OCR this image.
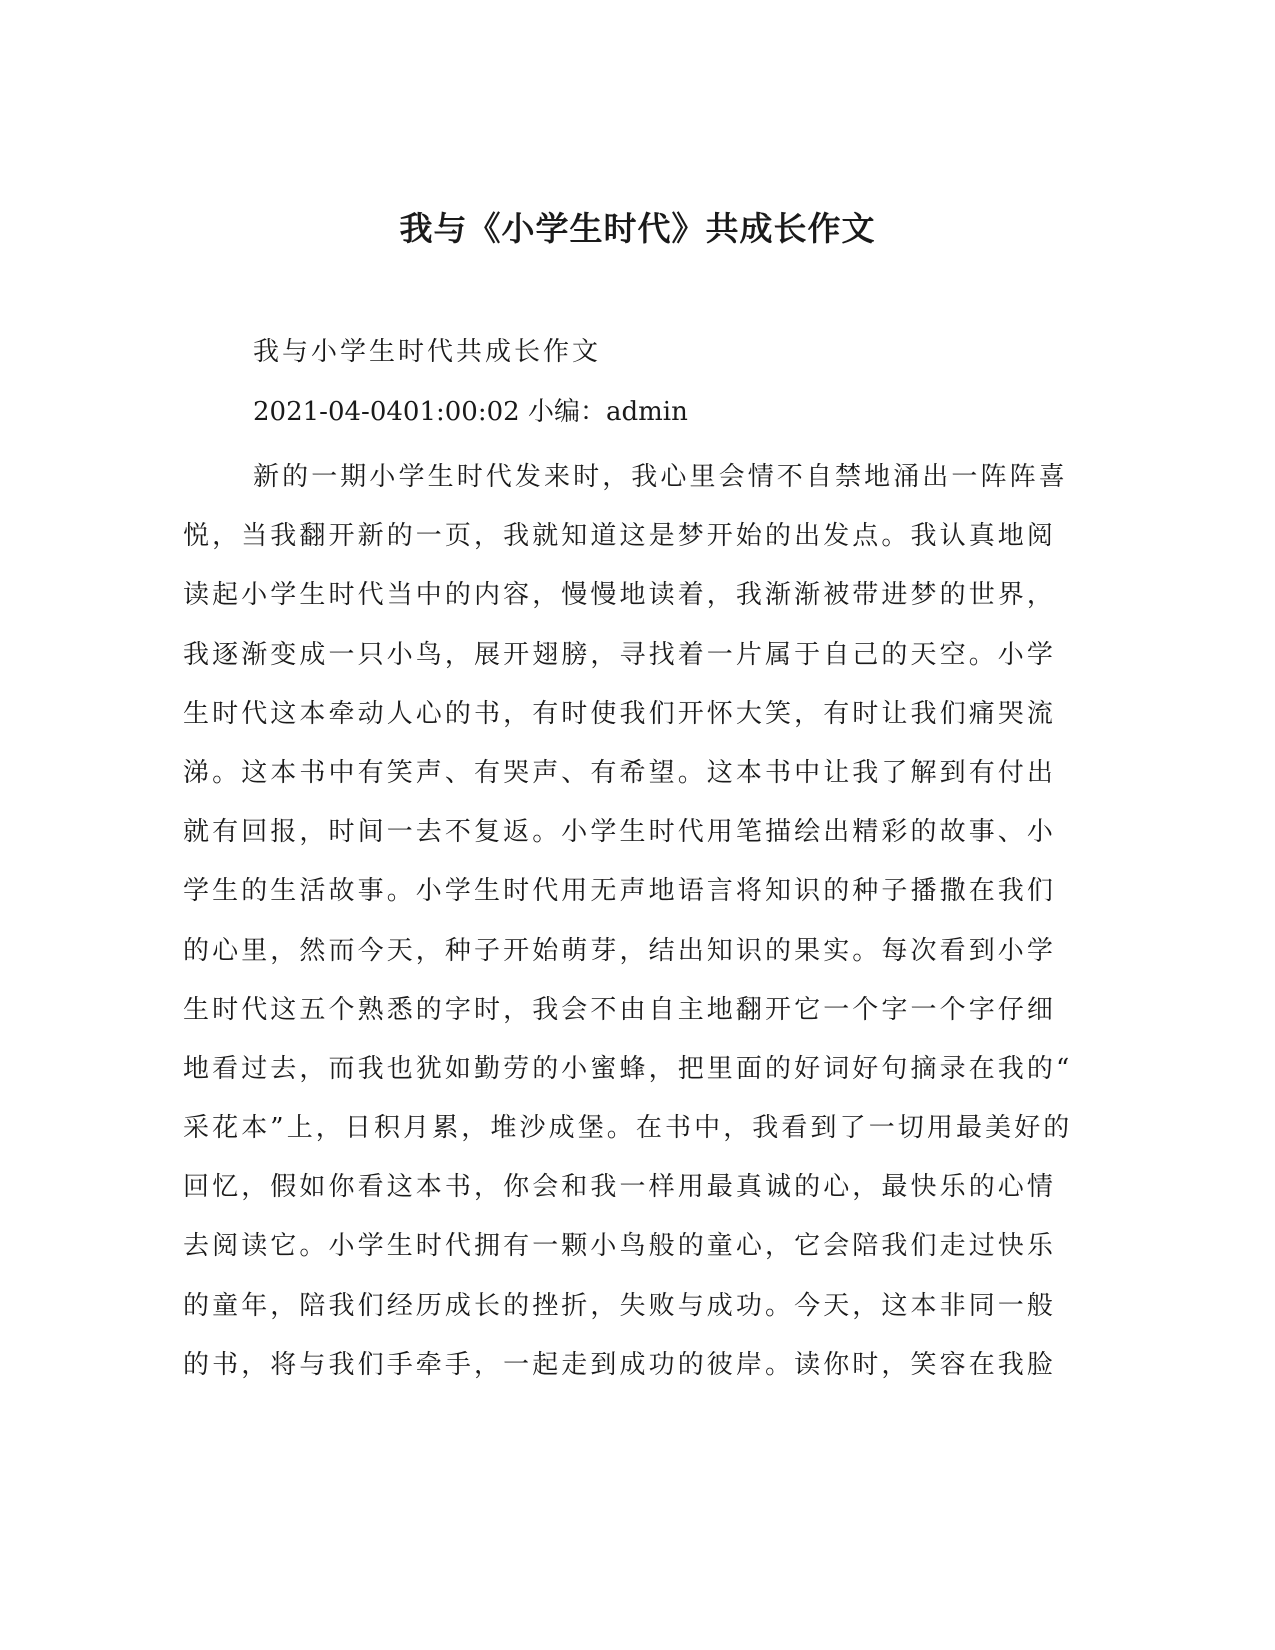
我与《小学生时代》共成长作文

我与小学生时代共成长作文

2021-04-0401:00:02 小编：admin

新的一期小学生时代发来时，我心里会情不自禁地涌出一阵阵喜
悦，当我翻开新的一页，我就知道这是梦开始的出发点。我认真地阅
读起小学生时代当中的内容，慢慢地读着，我渐渐被带进梦的世界，
我逐渐变成一只小鸟，展开翅膀，寻找着一片属于自己的天空。小学
生时代这本牵动人心的书，有时使我们开怀大笑，有时让我们痛哭流
涕。这本书中有笑声、有哭声、有希望。这本书中让我了解到有付出
就有回报，时间一去不复返。小学生时代用笔描绘出精彩的故事、小
学生的生活故事。小学生时代用无声地语言将知识的种子播撒在我们
的心里，然而今天，种子开始萌芽，结出知识的果实。每次看到小学
生时代这五个熟悉的字时，我会不由自主地翻开它一个字一个字仔细
地看过去，而我也犹如勤劳的小蜜蜂，把里面的好词好句摘录在我的“
采花本”上，日积月累，堆沙成堡。在书中，我看到了一切用最美好的
回忆，假如你看这本书，你会和我一样用最真诚的心，最快乐的心情
去阅读它。小学生时代拥有一颗小鸟般的童心，它会陪我们走过快乐
的童年，陪我们经历成长的挫折，失败与成功。今天，这本非同一般
的书，将与我们手牵手，一起走到成功的彼岸。读你时，笑容在我脸
